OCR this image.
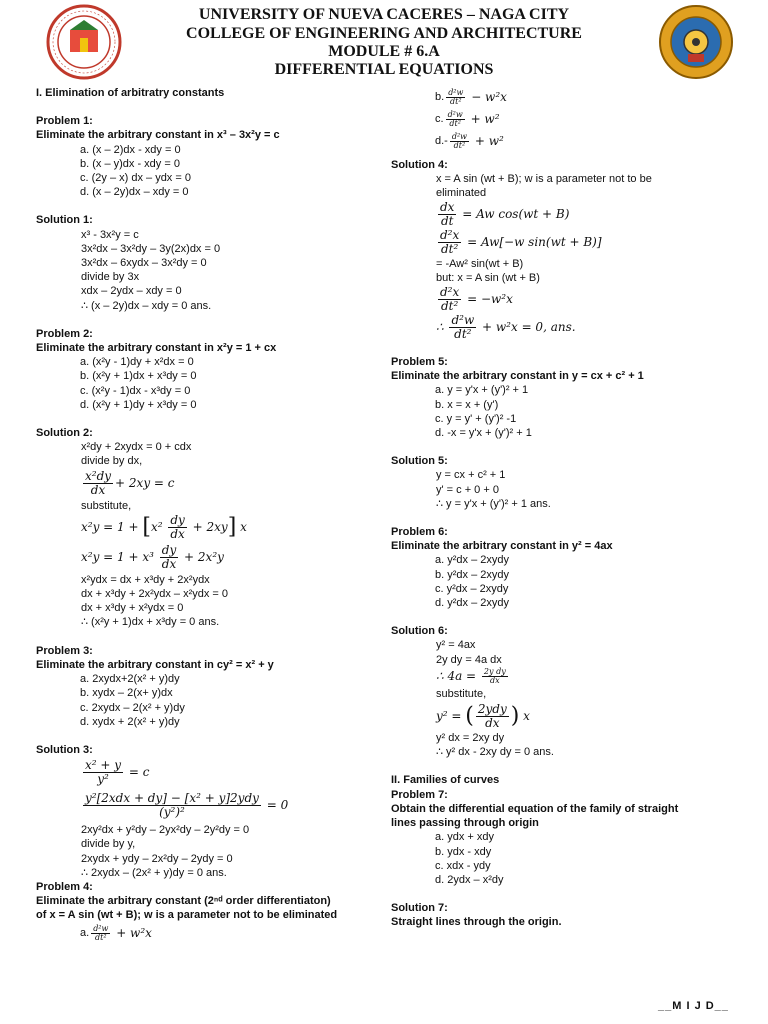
UNIVERSITY OF NUEVA CACERES – NAGA CITY
COLLEGE OF ENGINEERING AND ARCHITECTURE
MODULE # 6.A
DIFFERENTIAL EQUATIONS
I. Elimination of arbitratry constants
Problem 1:
Eliminate the arbitrary constant in x³ – 3x²y = c
a. (x – 2)dx - xdy = 0
b. (x – y)dx - xdy = 0
c. (2y – x) dx – ydx = 0
d. (x – 2y)dx – xdy = 0
Solution 1:
x³ - 3x²y = c
3x²dx – 3x²dy – 3y(2x)dx = 0
3x²dx – 6xydx – 3x²dy = 0
divide by 3x
xdx – 2ydx – xdy = 0
∴ (x – 2y)dx – xdy = 0 ans.
Problem 2:
Eliminate the arbitrary constant in x²y = 1 + cx
a. (x²y - 1)dy + x²dx = 0
b. (x²y + 1)dx + x³dy = 0
c. (x²y - 1)dx - x³dy = 0
d. (x²y + 1)dy + x³dy = 0
Solution 2:
x²dy + 2xydx = 0 + cdx
divide by dx,
$\frac{\text{x²dy}}{dx} + 2xy = c$
substitute,
$x^2y = 1 + [x^2 \frac{dy}{dx} + 2xy]$ x
$x^2y = 1 + x^3 \frac{dy}{dx} + 2x^2y$
x²ydx = dx + x³dy + 2x²ydx
dx + x³dy + 2x²ydx – x²ydx = 0
dx + x³dy + x²ydx = 0
∴ (x²y + 1)dx + x³dy = 0 ans.
Problem 3:
Eliminate the arbitrary constant in cy² = x² + y
a. 2xydx+2(x² + y)dy
b. xydx – 2(x+ y)dx
c. 2xydx – 2(x² + y)dy
d. xydx + 2(x² + y)dy
Solution 3:
$\frac{\text{x² + y}}{\text{y²}} = c$
$\frac{\text{y²[2xdx + dy] − [x² + y]2ydy}}{\text{(y²)²}} = 0$
2xy²dx + y²dy – 2yx²dy – 2y²dy = 0
divide by y,
2xydx + ydy – 2x²dy – 2ydy = 0
∴ 2xydx – (2x² + y)dy = 0 ans.
Problem 4:
Eliminate the arbitrary constant (2ⁿᵈ order differentiaton)
of x = A sin (wt + B); w is a parameter not to be eliminated
a. $\frac{\text{d²w}}{\text{dt²}} + w^2x$
b. $\frac{\text{d²w}}{\text{dt²}} - w^2x$
c. $\frac{\text{d²w}}{\text{dt²}} + w^2$
$d.- \frac{\text{d²w}}{\text{dt²}} + w^2$
Solution 4:
x = A sin (wt + B); w is a parameter not to be
eliminated
$\frac{dx}{dt} = Aw$ cos(wt + B)
$\frac{\text{d²x}}{\text{dt²}} = Aw[-w$ sin(wt + B)]
= -Aw² sin(wt + B)
but: x = A sin (wt + B)
$\frac{\text{d²x}}{\text{dt²}} = -w^2x$
∴ $\frac{\text{d²w}}{\text{dt²}} + w^2x = 0$, ans.
Problem 5:
Eliminate the arbitrary constant in y = cx + c² + 1
a. y = y'x + (y')² + 1
b. x = x + (y')
c. y = y' + (y')² -1
d. -x = y'x + (y')² + 1
Solution 5:
y = cx + c² + 1
y' = c + 0 + 0
∴ y = y'x + (y')² + 1 ans.
Problem 6:
Eliminate the arbitrary constant in y² = 4ax
a. y²dx – 2xydy
b. y²dx – 2xydy
c. y²dx – 2xydy
d. y²dx – 2xydy
Solution 6:
y² = 4ax
2y dy = 4a dx
∴ $4a = \frac{\text{2y dy}}{dx}$
substitute,
y² = ( $\frac{\text{2ydy}}{dx}$ ) x
y² dx = 2xy dy
∴ y² dx - 2xy dy = 0 ans.
II. Families of curves
Problem 7:
Obtain the differential equation of the family of straight
lines passing through origin
a. ydx + xdy
b. ydx - xdy
c. xdx - ydy
d. 2ydx – x²dy
Solution 7:
Straight lines through the origin.
__M I J D__
